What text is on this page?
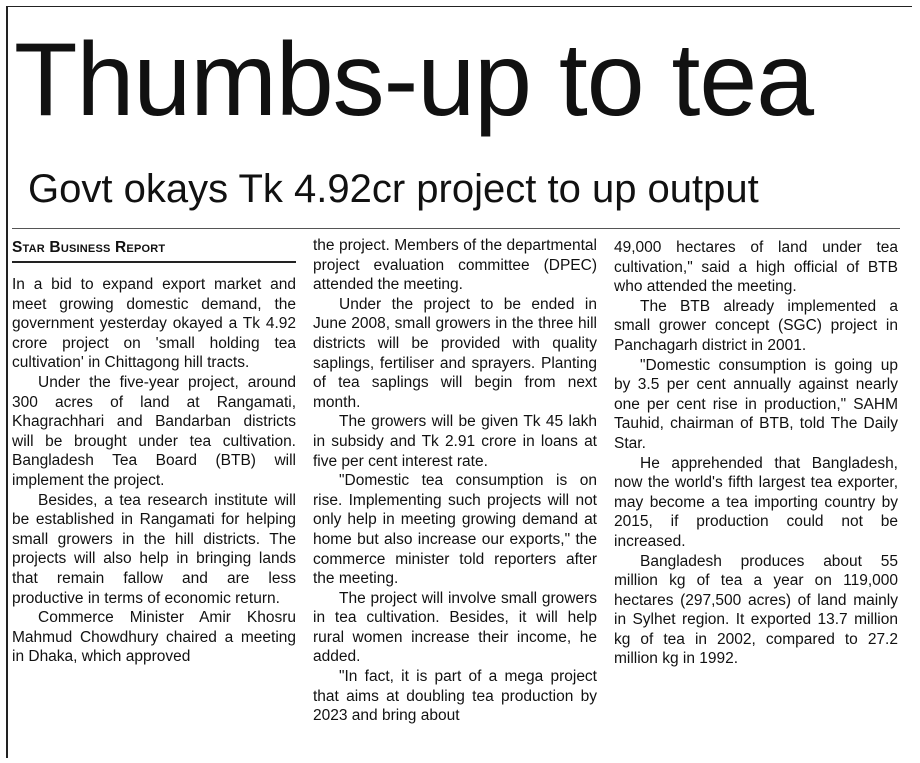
Thumbs-up to tea
Govt okays Tk 4.92cr project to up output
Star Business Report

In a bid to expand export market and meet growing domestic demand, the government yesterday okayed a Tk 4.92 crore project on 'small holding tea cultivation' in Chittagong hill tracts.

Under the five-year project, around 300 acres of land at Rangamati, Khagrachhari and Bandarban districts will be brought under tea cultivation. Bangladesh Tea Board (BTB) will implement the project.

Besides, a tea research institute will be established in Rangamati for helping small growers in the hill districts. The projects will also help in bringing lands that remain fallow and are less productive in terms of economic return.

Commerce Minister Amir Khosru Mahmud Chowdhury chaired a meeting in Dhaka, which approved

the project. Members of the departmental project evaluation committee (DPEC) attended the meeting.

Under the project to be ended in June 2008, small growers in the three hill districts will be provided with quality saplings, fertiliser and sprayers. Planting of tea saplings will begin from next month.

The growers will be given Tk 45 lakh in subsidy and Tk 2.91 crore in loans at five per cent interest rate.

"Domestic tea consumption is on rise. Implementing such projects will not only help in meeting growing demand at home but also increase our exports," the commerce minister told reporters after the meeting.

The project will involve small growers in tea cultivation. Besides, it will help rural women increase their income, he added.

"In fact, it is part of a mega project that aims at doubling tea production by 2023 and bring about

49,000 hectares of land under tea cultivation," said a high official of BTB who attended the meeting.

The BTB already implemented a small grower concept (SGC) project in Panchagarh district in 2001.

"Domestic consumption is going up by 3.5 per cent annually against nearly one per cent rise in production," SAHM Tauhid, chairman of BTB, told The Daily Star.

He apprehended that Bangladesh, now the world's fifth largest tea exporter, may become a tea importing country by 2015, if production could not be increased.

Bangladesh produces about 55 million kg of tea a year on 119,000 hectares (297,500 acres) of land mainly in Sylhet region. It exported 13.7 million kg of tea in 2002, compared to 27.2 million kg in 1992.
